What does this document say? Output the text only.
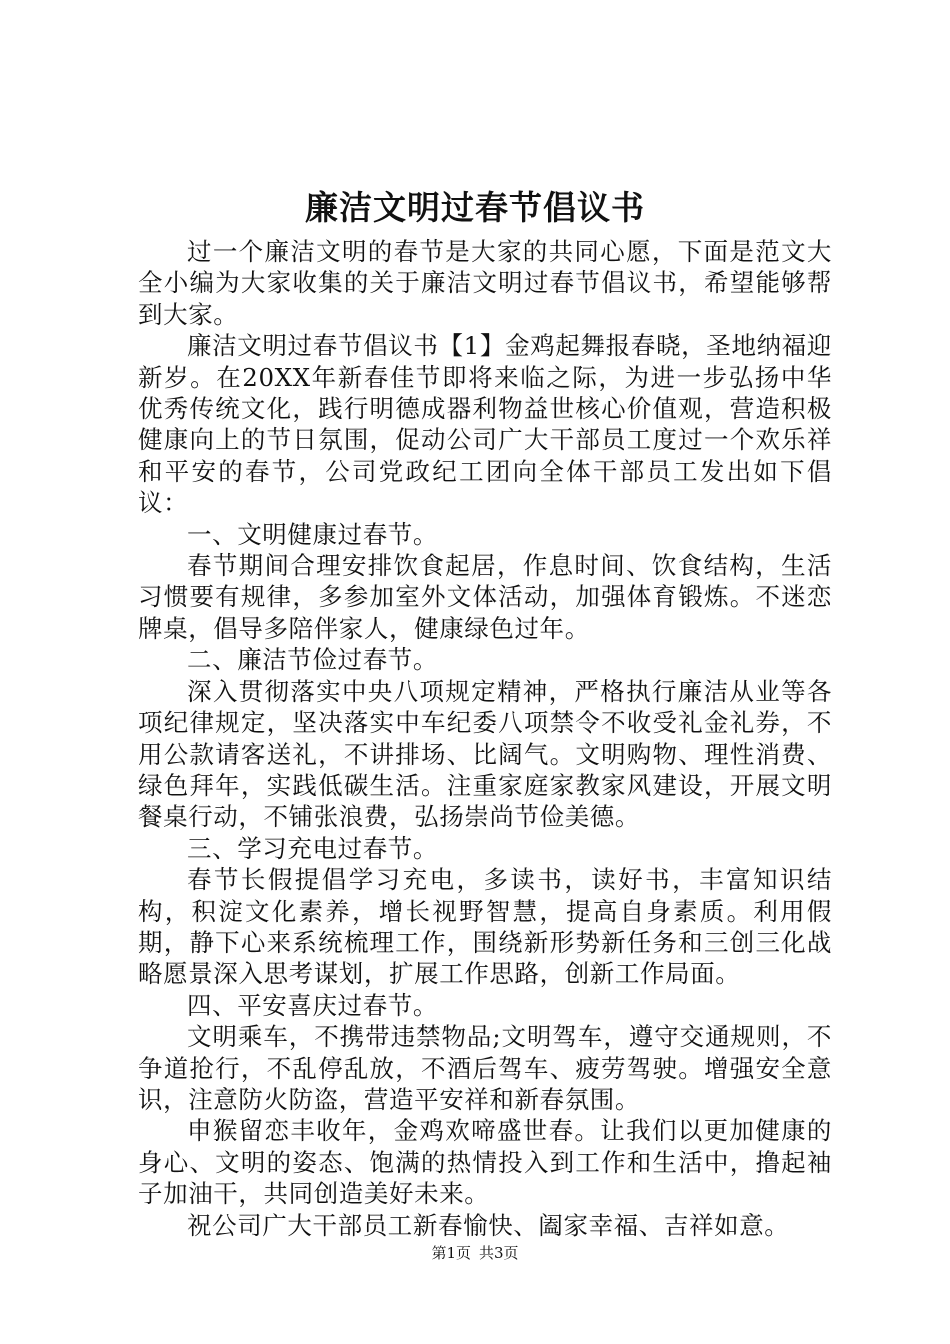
廉洁文明过春节倡议书

过一个廉洁文明的春节是大家的共同心愿，下面是范文大全小编为大家收集的关于廉洁文明过春节倡议书，希望能够帮到大家。

廉洁文明过春节倡议书【1】金鸡起舞报春晓，圣地纳福迎新岁。在20XX年新春佳节即将来临之际，为进一步弘扬中华优秀传统文化，践行明德成器利物益世核心价值观，营造积极健康向上的节日氛围，促动公司广大干部员工度过一个欢乐祥和平安的春节，公司党政纪工团向全体干部员工发出如下倡议：

一、文明健康过春节。

春节期间合理安排饮食起居，作息时间、饮食结构，生活习惯要有规律，多参加室外文体活动，加强体育锻炼。不迷恋牌桌，倡导多陪伴家人，健康绿色过年。

二、廉洁节俭过春节。

深入贯彻落实中央八项规定精神，严格执行廉洁从业等各项纪律规定，坚决落实中车纪委八项禁令不收受礼金礼券，不用公款请客送礼，不讲排场、比阔气。文明购物、理性消费、绿色拜年，实践低碳生活。注重家庭家教家风建设，开展文明餐桌行动，不铺张浪费，弘扬崇尚节俭美德。

三、学习充电过春节。

春节长假提倡学习充电，多读书，读好书，丰富知识结构，积淀文化素养，增长视野智慧，提高自身素质。利用假期，静下心来系统梳理工作，围绕新形势新任务和三创三化战略愿景深入思考谋划，扩展工作思路，创新工作局面。

四、平安喜庆过春节。

文明乘车，不携带违禁物品;文明驾车，遵守交通规则，不争道抢行，不乱停乱放，不酒后驾车、疲劳驾驶。增强安全意识，注意防火防盗，营造平安祥和新春氛围。

申猴留恋丰收年，金鸡欢啼盛世春。让我们以更加健康的身心、文明的姿态、饱满的热情投入到工作和生活中，撸起袖子加油干，共同创造美好未来。

祝公司广大干部员工新春愉快、阖家幸福、吉祥如意。

第1页 共3页
